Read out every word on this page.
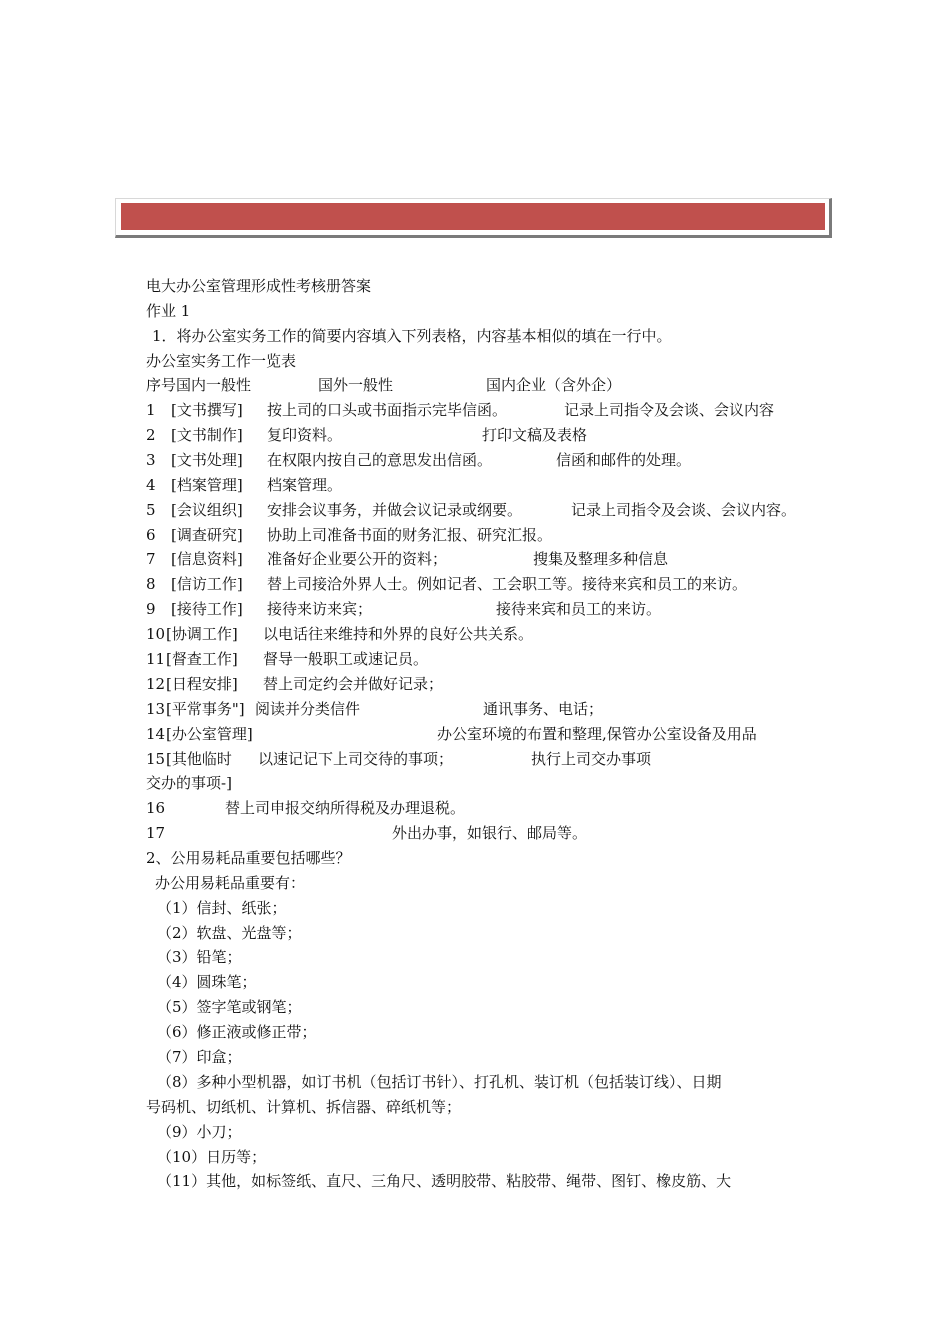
电大办公室管理形成性考核册答案
作业 1
1．将办公室实务工作的简要内容填入下列表格，内容基本相似的填在一行中。
办公室实务工作一览表
序号国内一般性	国外一般性	国内企业（含外企）
1 [文书撰写] 按上司的口头或书面指示完毕信函。	记录上司指令及会谈、会议内容
2 [文书制作] 复印资料。	打印文稿及表格
3 [文书处理] 在权限内按自己的意思发出信函。	信函和邮件的处理。
4 [档案管理] 档案管理。
5 [会议组织] 安排会议事务，并做会议记录或纲要。	记录上司指令及会谈、会议内容。
6 [调查研究] 协助上司准备书面的财务汇报、研究汇报。
7 [信息资料] 准备好企业要公开的资料；	搜集及整理多种信息
8 [信访工作] 替上司接洽外界人士。例如记者、工会职工等。接待来宾和员工的来访。
9 [接待工作] 接待来访来宾；	接待来宾和员工的来访。
10 [协调工作] 以电话往来维持和外界的良好公共关系。
11 [督查工作] 督导一般职工或速记员。
12 [日程安排] 替上司定约会并做好记录；
13 [平常事务"] 阅读并分类信件	通讯事务、电话；
14 [办公室管理]	办公室环境的布置和整理,保管办公室设备及用品
15 [其他临时 以速记记下上司交待的事项；	执行上司交办事项
交办的事项-]
16	替上司申报交纳所得税及办理退税。
17	外出办事，如银行、邮局等。
2、公用易耗品重要包括哪些？
办公用易耗品重要有：
（1）信封、纸张；
（2）软盘、光盘等；
（3）铅笔；
（4）圆珠笔；
（5）签字笔或钢笔；
（6）修正液或修正带；
（7）印盒；
（8）多种小型机器，如订书机（包括订书针）、打孔机、装订机（包括装订线）、日期
号码机、切纸机、计算机、拆信器、碎纸机等；
（9）小刀；
（10）日历等；
（11）其他，如标签纸、直尺、三角尺、透明胶带、粘胶带、绳带、图钉、橡皮筋、大
